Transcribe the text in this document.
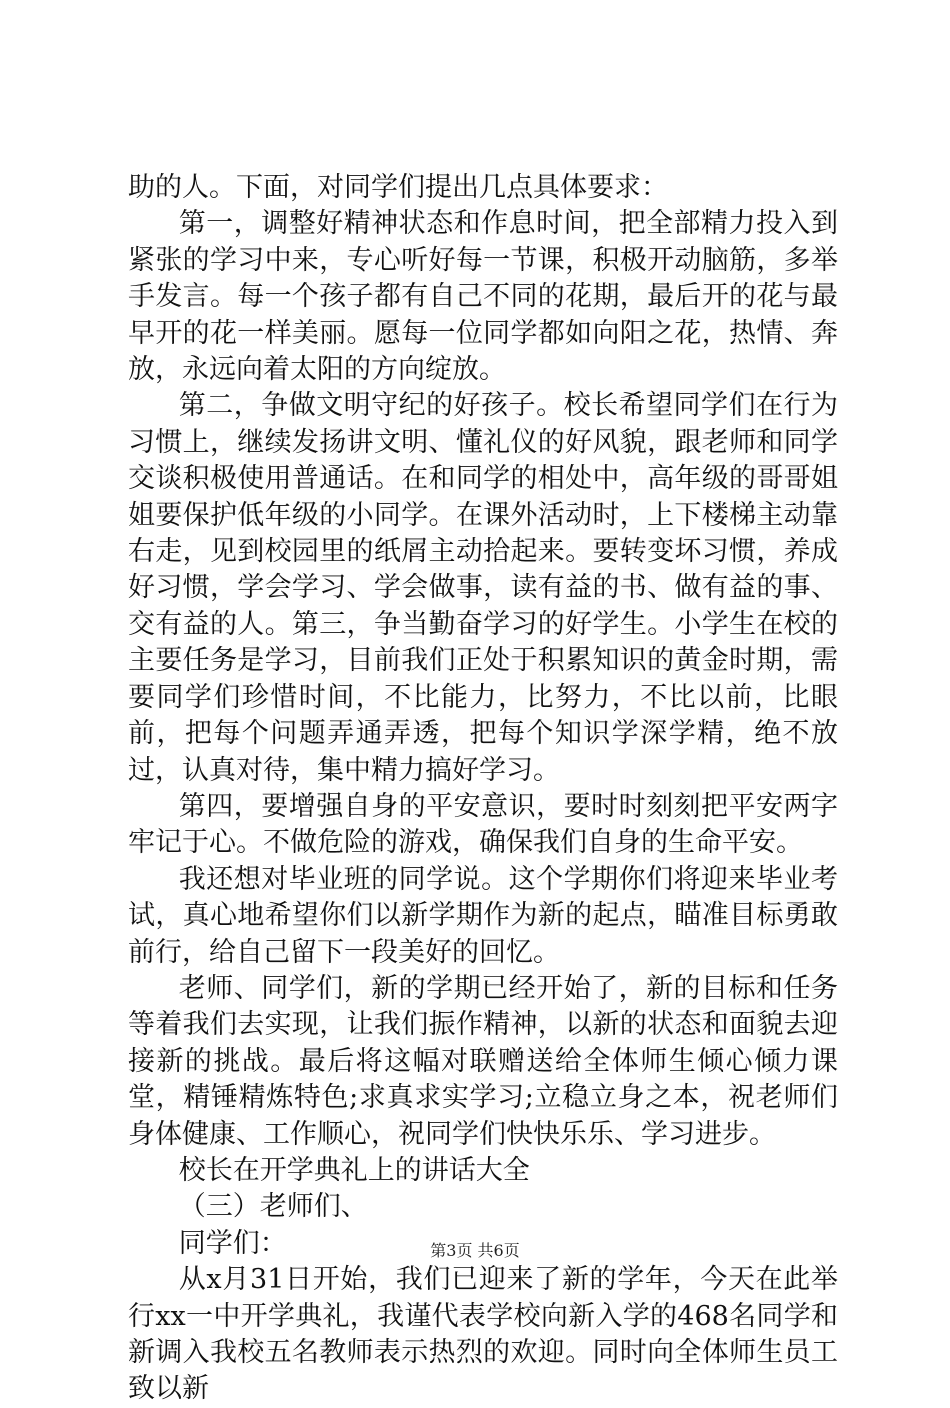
助的人。下面，对同学们提出几点具体要求：

第一，调整好精神状态和作息时间，把全部精力投入到紧张的学习中来，专心听好每一节课，积极开动脑筋，多举手发言。每一个孩子都有自己不同的花期，最后开的花与最早开的花一样美丽。愿每一位同学都如向阳之花，热情、奔放，永远向着太阳的方向绽放。

第二，争做文明守纪的好孩子。校长希望同学们在行为习惯上，继续发扬讲文明、懂礼仪的好风貌，跟老师和同学交谈积极使用普通话。在和同学的相处中，高年级的哥哥姐姐要保护低年级的小同学。在课外活动时，上下楼梯主动靠右走，见到校园里的纸屑主动拾起来。要转变坏习惯，养成好习惯，学会学习、学会做事，读有益的书、做有益的事、交有益的人。第三，争当勤奋学习的好学生。小学生在校的主要任务是学习，目前我们正处于积累知识的黄金时期，需要同学们珍惜时间，不比能力，比努力，不比以前，比眼前，把每个问题弄通弄透，把每个知识学深学精，绝不放过，认真对待，集中精力搞好学习。

第四，要增强自身的平安意识，要时时刻刻把平安两字牢记于心。不做危险的游戏，确保我们自身的生命平安。

我还想对毕业班的同学说。这个学期你们将迎来毕业考试，真心地希望你们以新学期作为新的起点，瞄准目标勇敢前行，给自己留下一段美好的回忆。

老师、同学们，新的学期已经开始了，新的目标和任务等着我们去实现，让我们振作精神，以新的状态和面貌去迎接新的挑战。最后将这幅对联赠送给全体师生倾心倾力课堂，精锤精炼特色;求真求实学习;立稳立身之本，祝老师们身体健康、工作顺心，祝同学们快快乐乐、学习进步。

校长在开学典礼上的讲话大全

（三）老师们、

同学们：

从x月31日开始，我们已迎来了新的学年，今天在此举行xx一中开学典礼，我谨代表学校向新入学的468名同学和新调入我校五名教师表示热烈的欢迎。同时向全体师生员工致以新

第3页 共6页
